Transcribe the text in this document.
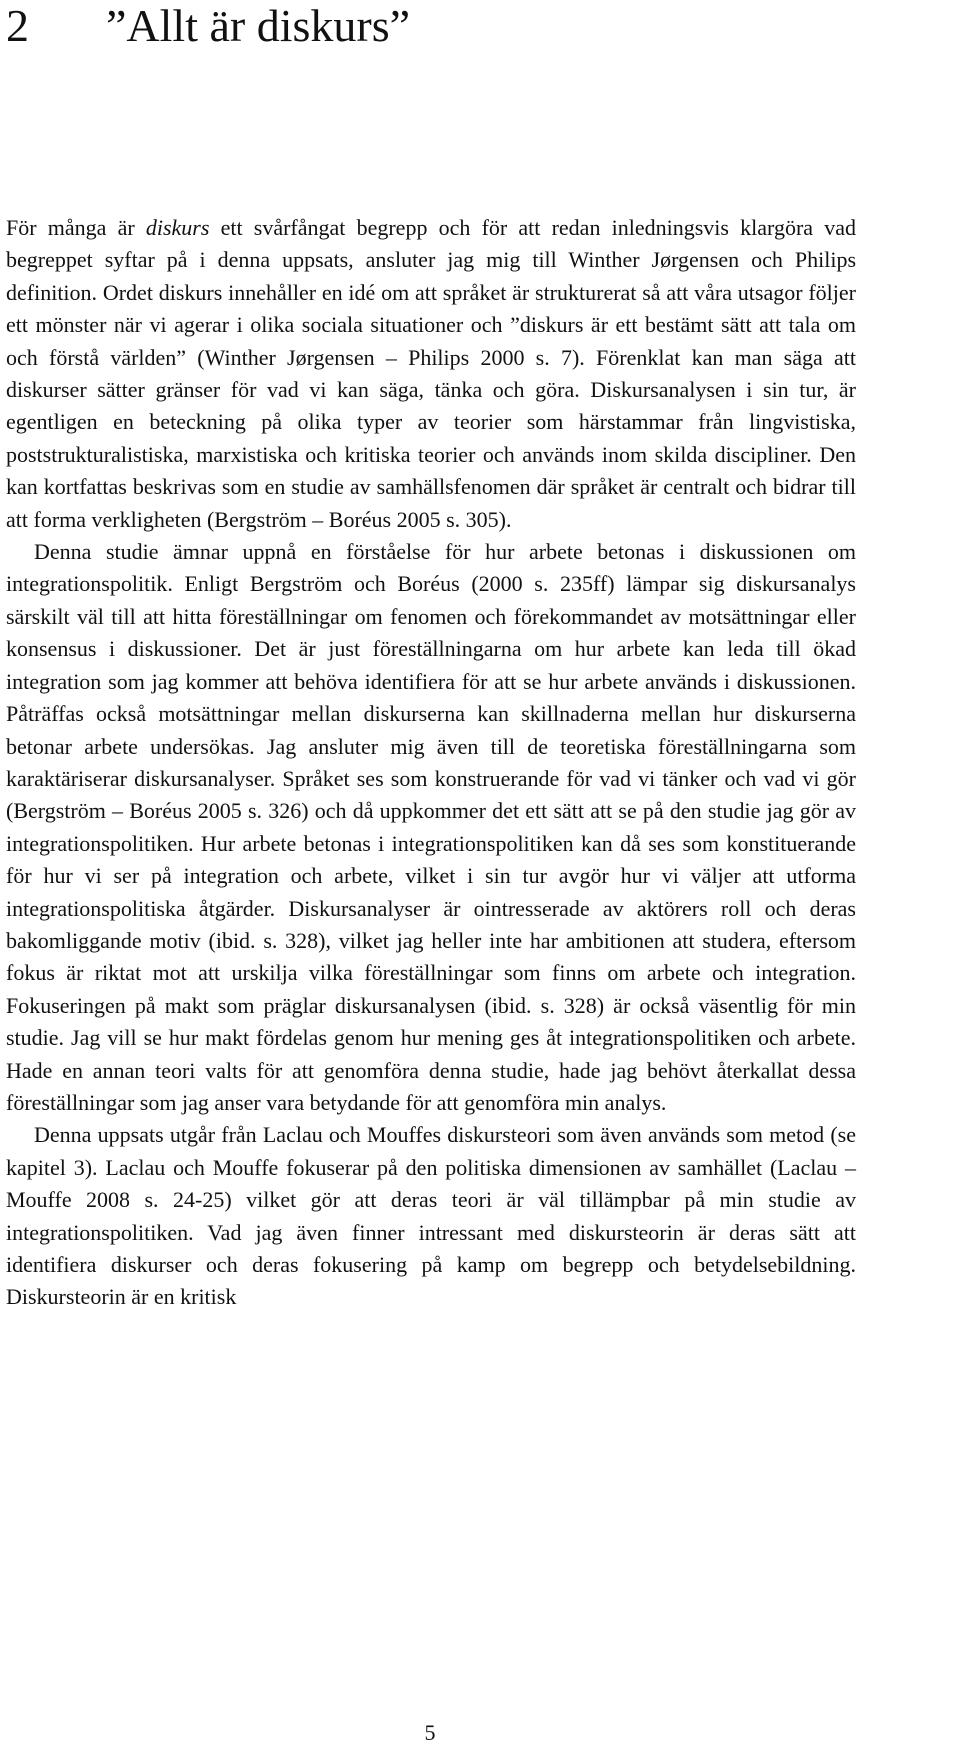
2 ”Allt är diskurs”

För många är diskurs ett svårfångat begrepp och för att redan inledningsvis klargöra vad begreppet syftar på i denna uppsats, ansluter jag mig till Winther Jørgensen och Philips definition. Ordet diskurs innehåller en idé om att språket är strukturerat så att våra utsagor följer ett mönster när vi agerar i olika sociala situationer och ”diskurs är ett bestämt sätt att tala om och förstå världen” (Winther Jørgensen – Philips 2000 s. 7). Förenklat kan man säga att diskurser sätter gränser för vad vi kan säga, tänka och göra. Diskursanalysen i sin tur, är egentligen en beteckning på olika typer av teorier som härstammar från lingvistiska, poststrukturalistiska, marxistiska och kritiska teorier och används inom skilda discipliner. Den kan kortfattas beskrivas som en studie av samhällsfenomen där språket är centralt och bidrar till att forma verkligheten (Bergström – Boréus 2005 s. 305).

Denna studie ämnar uppnå en förståelse för hur arbete betonas i diskussionen om integrationspolitik. Enligt Bergström och Boréus (2000 s. 235ff) lämpar sig diskursanalys särskilt väl till att hitta föreställningar om fenomen och förekommandet av motsättningar eller konsensus i diskussioner. Det är just föreställningarna om hur arbete kan leda till ökad integration som jag kommer att behöva identifiera för att se hur arbete används i diskussionen. Påträffas också motsättningar mellan diskurserna kan skillnaderna mellan hur diskurserna betonar arbete undersökas. Jag ansluter mig även till de teoretiska föreställningarna som karaktäriserar diskursanalyser. Språket ses som konstruerande för vad vi tänker och vad vi gör (Bergström – Boréus 2005 s. 326) och då uppkommer det ett sätt att se på den studie jag gör av integrationspolitiken. Hur arbete betonas i integrationspolitiken kan då ses som konstituerande för hur vi ser på integration och arbete, vilket i sin tur avgör hur vi väljer att utforma integrationspolitiska åtgärder. Diskursanalyser är ointresserade av aktörers roll och deras bakomliggande motiv (ibid. s. 328), vilket jag heller inte har ambitionen att studera, eftersom fokus är riktat mot att urskilja vilka föreställningar som finns om arbete och integration. Fokuseringen på makt som präglar diskursanalysen (ibid. s. 328) är också väsentlig för min studie. Jag vill se hur makt fördelas genom hur mening ges åt integrationspolitiken och arbete. Hade en annan teori valts för att genomföra denna studie, hade jag behövt återkallat dessa föreställningar som jag anser vara betydande för att genomföra min analys.

Denna uppsats utgår från Laclau och Mouffes diskursteori som även används som metod (se kapitel 3). Laclau och Mouffe fokuserar på den politiska dimensionen av samhället (Laclau – Mouffe 2008 s. 24-25) vilket gör att deras teori är väl tillämpbar på min studie av integrationspolitiken. Vad jag även finner intressant med diskursteorin är deras sätt att identifiera diskurser och deras fokusering på kamp om begrepp och betydelsebildning. Diskursteorin är en kritisk

5
